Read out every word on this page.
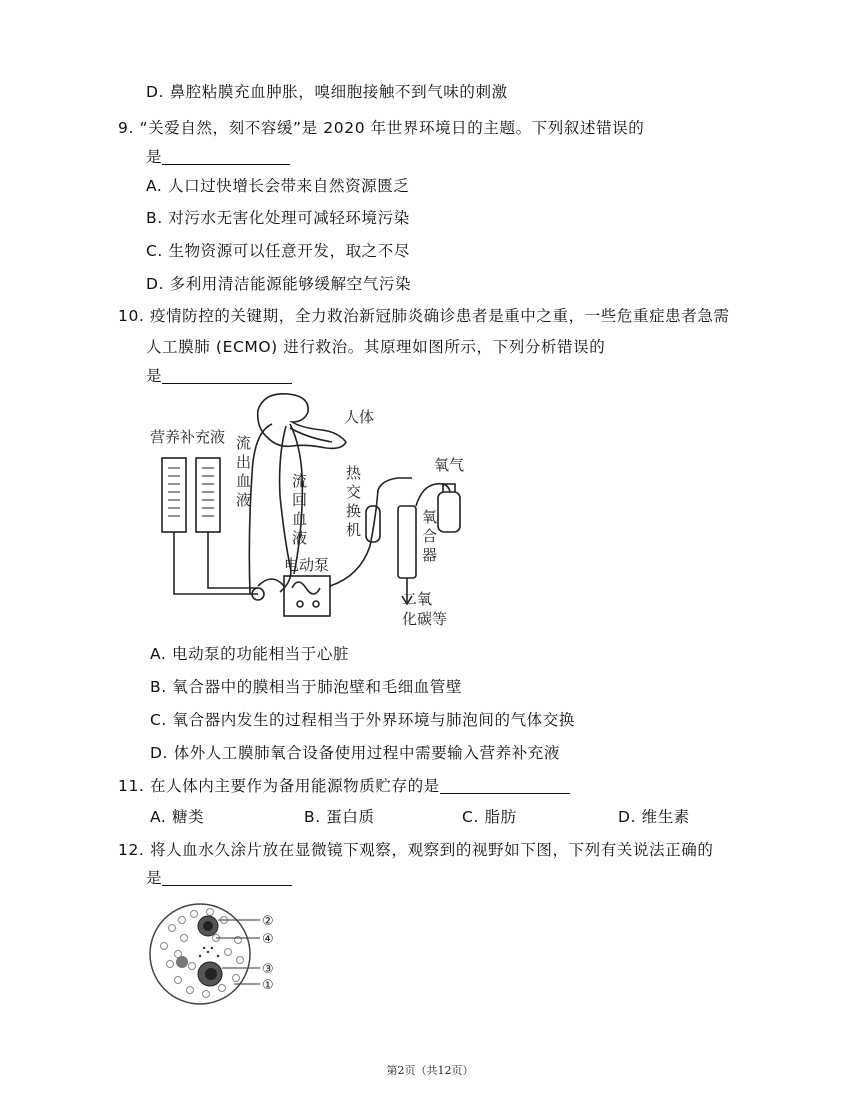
D. 鼻腔粘膜充血肿胀，嗅细胞接触不到气味的刺激
9. “关爱自然，刻不容缓”是 2020 年世界环境日的主题。下列叙述错误的
是
A. 人口过快增长会带来自然资源匮乏
B. 对污水无害化处理可减轻环境污染
C. 生物资源可以任意开发，取之不尽
D. 多利用清洁能源能够缓解空气污染
10. 疫情防控的关键期，全力救治新冠肺炎确诊患者是重中之重，一些危重症患者急需
人工膜肺 (ECMO) 进行救治。其原理如图所示，下列分析错误的
是
营养补充液
人体
氧气
电动泵
二氧
化碳等
流
出
血
液
流
回
血
液
热
交
换
机
氧
合
器
A. 电动泵的功能相当于心脏
B. 氧合器中的膜相当于肺泡壁和毛细血管壁
C. 氧合器内发生的过程相当于外界环境与肺泡间的气体交换
D. 体外人工膜肺氧合设备使用过程中需要输入营养补充液
11. 在人体内主要作为备用能源物质贮存的是
A. 糖类	B. 蛋白质	C. 脂肪	D. 维生素
12. 将人血水久涂片放在显微镜下观察，观察到的视野如下图，下列有关说法正确的
是
②
④
③
①
第2页（共12页）
